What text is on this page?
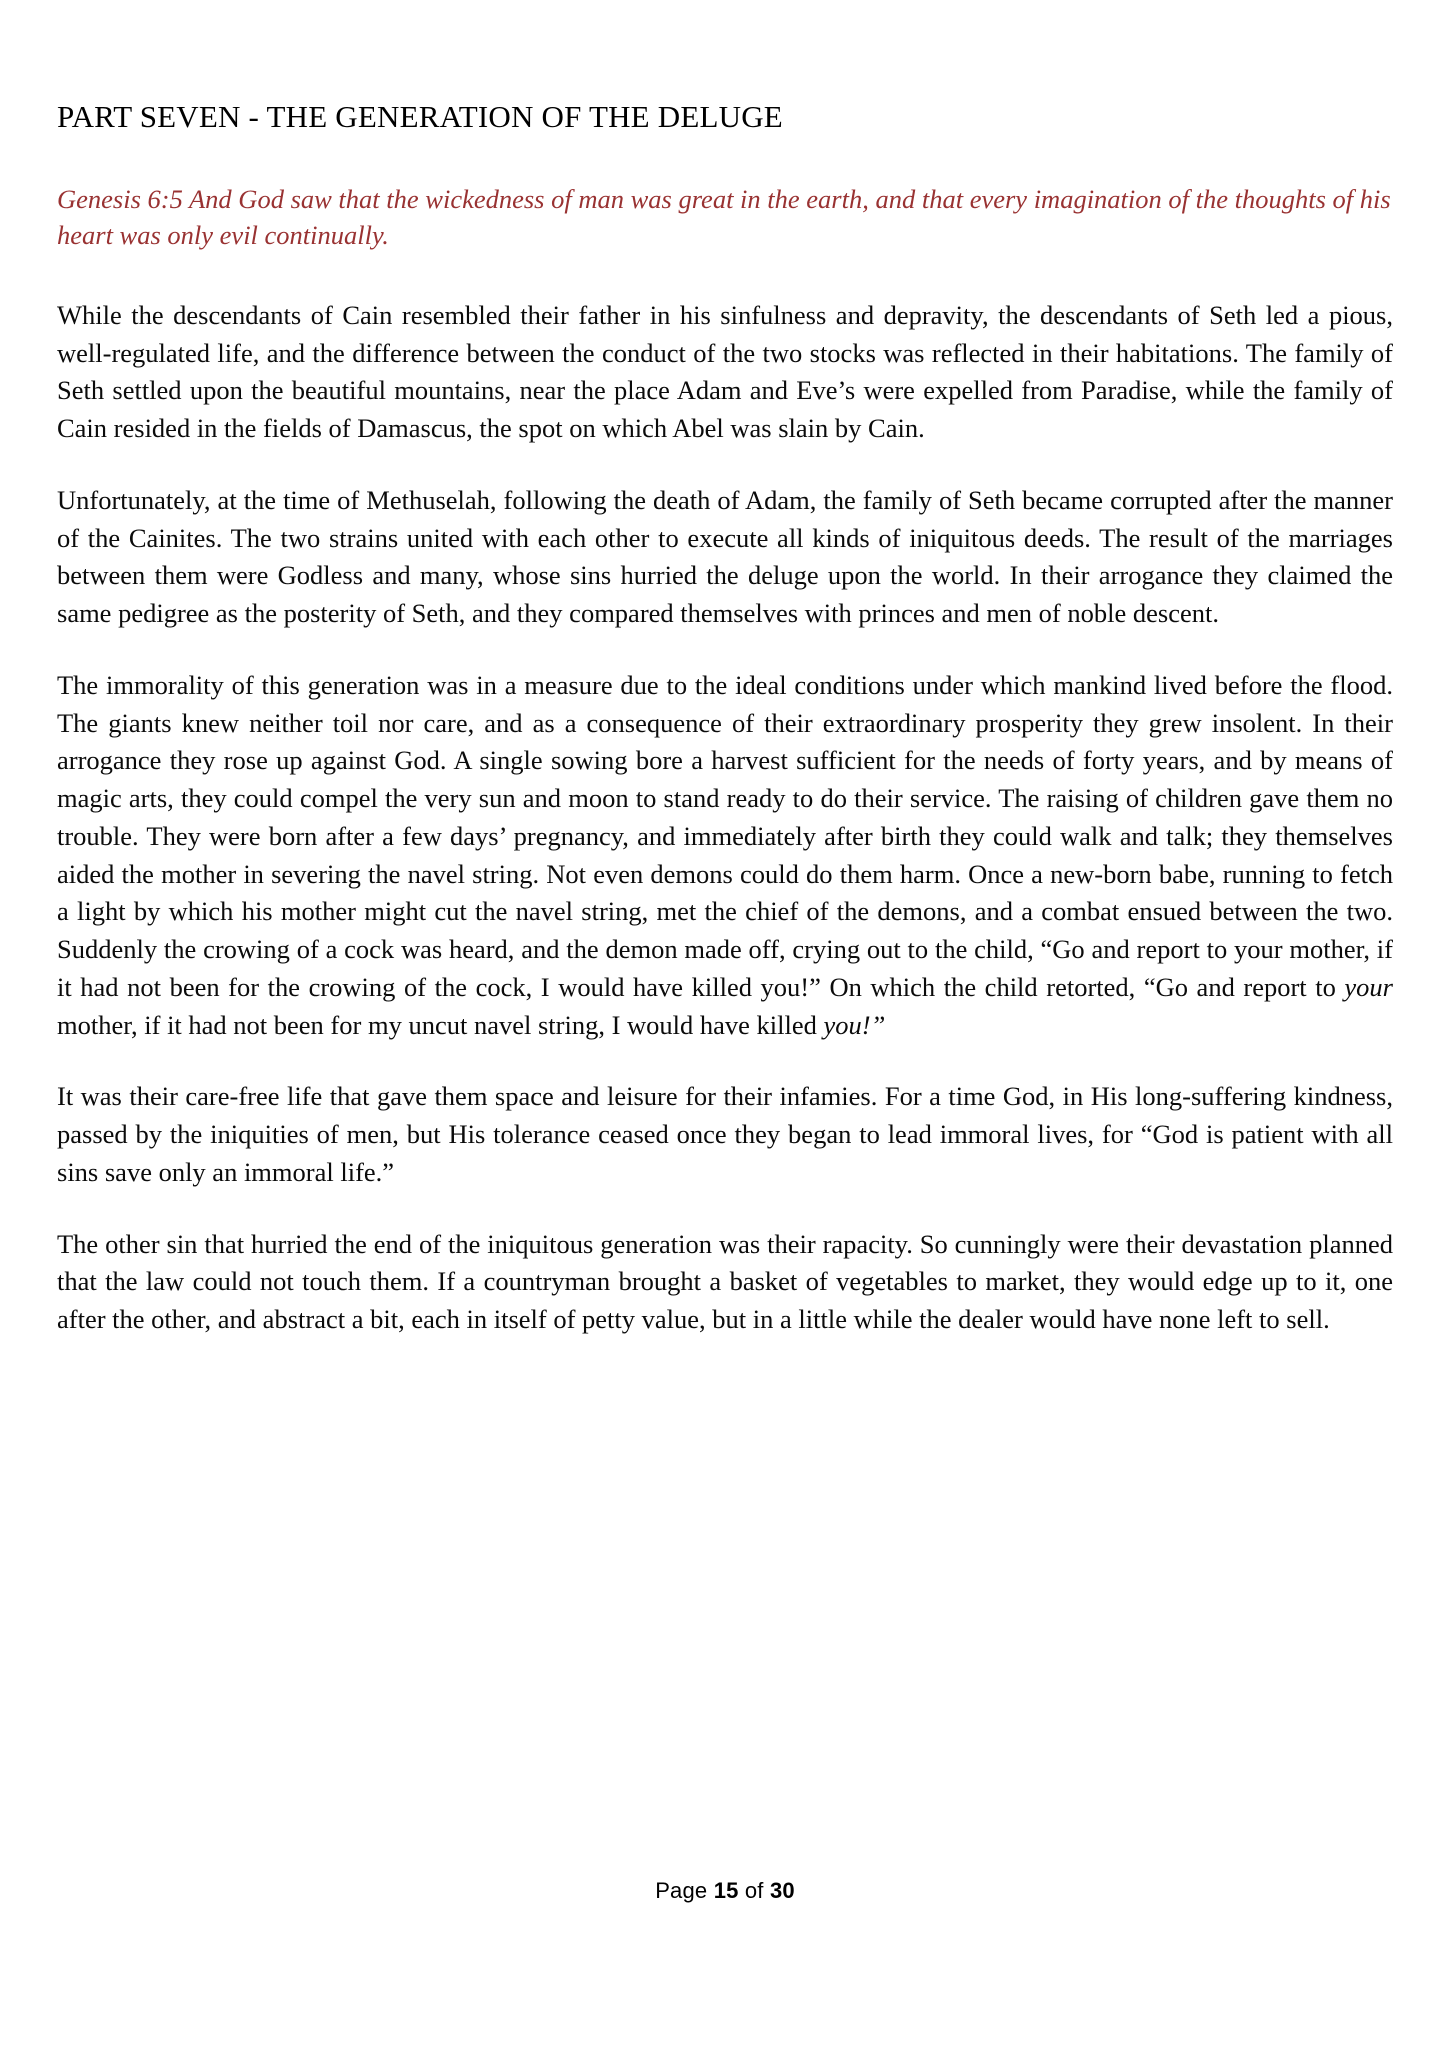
PART SEVEN - THE GENERATION OF THE DELUGE

Genesis 6:5 And God saw that the wickedness of man was great in the earth, and that every imagination of the thoughts of his heart was only evil continually.

While the descendants of Cain resembled their father in his sinfulness and depravity, the descendants of Seth led a pious, well-regulated life, and the difference between the conduct of the two stocks was reflected in their habitations. The family of Seth settled upon the beautiful mountains, near the place Adam and Eve’s were expelled from Paradise, while the family of Cain resided in the fields of Damascus, the spot on which Abel was slain by Cain.

Unfortunately, at the time of Methuselah, following the death of Adam, the family of Seth became corrupted after the manner of the Cainites. The two strains united with each other to execute all kinds of iniquitous deeds. The result of the marriages between them were Godless and many, whose sins hurried the deluge upon the world. In their arrogance they claimed the same pedigree as the posterity of Seth, and they compared themselves with princes and men of noble descent.

The immorality of this generation was in a measure due to the ideal conditions under which mankind lived before the flood. The giants knew neither toil nor care, and as a consequence of their extraordinary prosperity they grew insolent. In their arrogance they rose up against God. A single sowing bore a harvest sufficient for the needs of forty years, and by means of magic arts, they could compel the very sun and moon to stand ready to do their service. The raising of children gave them no trouble. They were born after a few days’ pregnancy, and immediately after birth they could walk and talk; they themselves aided the mother in severing the navel string. Not even demons could do them harm. Once a new-born babe, running to fetch a light by which his mother might cut the navel string, met the chief of the demons, and a combat ensued between the two. Suddenly the crowing of a cock was heard, and the demon made off, crying out to the child, “Go and report to your mother, if it had not been for the crowing of the cock, I would have killed you!” On which the child retorted, “Go and report to your mother, if it had not been for my uncut navel string, I would have killed you!”

It was their care-free life that gave them space and leisure for their infamies. For a time God, in His long-suffering kindness, passed by the iniquities of men, but His tolerance ceased once they began to lead immoral lives, for “God is patient with all sins save only an immoral life.”

The other sin that hurried the end of the iniquitous generation was their rapacity. So cunningly were their devastation planned that the law could not touch them. If a countryman brought a basket of vegetables to market, they would edge up to it, one after the other, and abstract a bit, each in itself of petty value, but in a little while the dealer would have none left to sell.

Page 15 of 30
